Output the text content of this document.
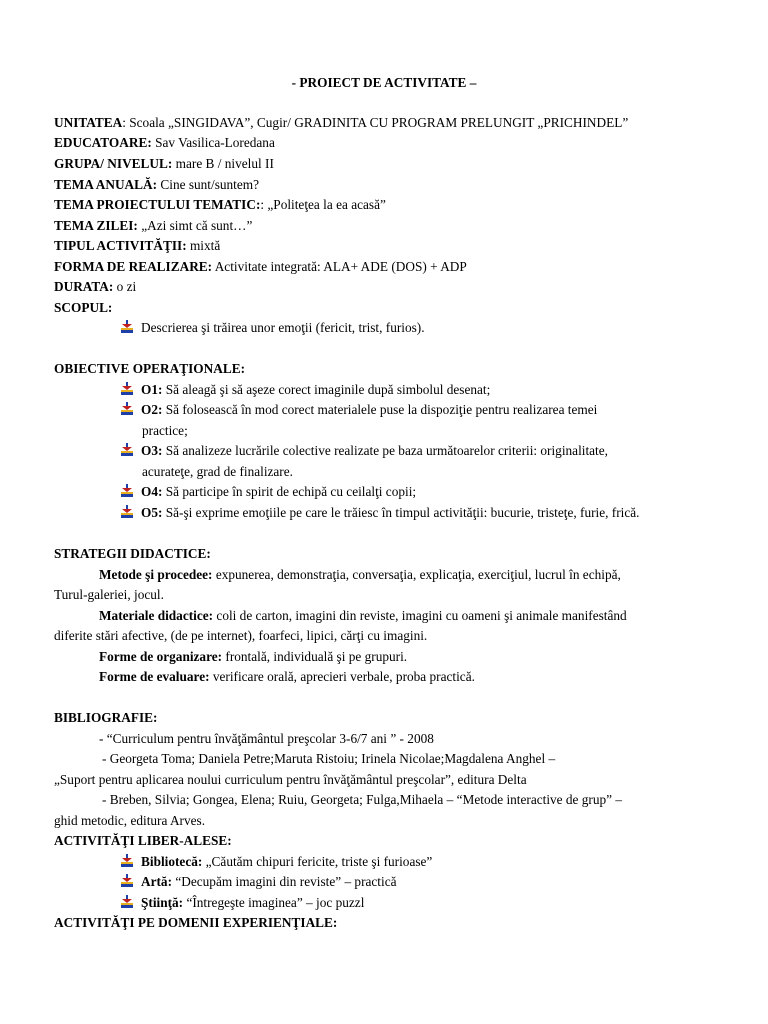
- PROIECT DE ACTIVITATE –
UNITATEA: Scoala „SINGIDAVA”, Cugir/ GRADINITA CU PROGRAM PRELUNGIT „PRICHINDEL”
EDUCATOARE: Sav Vasilica-Loredana
GRUPA/ NIVELUL: mare B / nivelul II
TEMA ANUALĂ: Cine sunt/suntem?
TEMA PROIECTULUI TEMATIC:: „Politeţea la ea acasă”
TEMA ZILEI: „Azi simt că sunt…”
TIPUL ACTIVITĂŢII: mixtă
FORMA DE REALIZARE: Activitate integrată: ALA+ ADE (DOS) + ADP
DURATA: o zi
SCOPUL:
Descrierea şi trăirea unor emoţii (fericit, trist, furios).
OBIECTIVE OPERAŢIONALE:
O1: Să aleagă şi să aşeze corect imaginile după simbolul desenat;
O2: Să folosească în mod corect materialele puse la dispoziţie pentru realizarea temei
practice;
O3: Să analizeze lucrările colective realizate pe baza următoarelor criterii: originalitate,
acurateţe, grad de finalizare.
O4: Să participe în spirit de echipă cu ceilalţi copii;
O5: Să-şi exprime emoţiile pe care le trăiesc în timpul activităţii: bucurie, tristeţe, furie, frică.
STRATEGII DIDACTICE:
Metode şi procedee: expunerea, demonstraţia, conversaţia, explicaţia, exerciţiul, lucrul în echipă,
Turul-galeriei, jocul.
Materiale didactice: coli de carton, imagini din reviste, imagini cu oameni şi animale manifestând
diferite stări afective, (de pe internet), foarfeci, lipici, cărţi cu imagini.
Forme de organizare: frontală, individuală şi pe grupuri.
Forme de evaluare: verificare orală, aprecieri verbale, proba practică.
BIBLIOGRAFIE:
- “Curriculum pentru învăţământul preşcolar 3-6/7 ani ” - 2008
- Georgeta Toma; Daniela Petre;Maruta Ristoiu; Irinela Nicolae;Magdalena Anghel –
„Suport pentru aplicarea noului curriculum pentru învăţământul preşcolar”, editura Delta
- Breben, Silvia; Gongea, Elena; Ruiu, Georgeta; Fulga,Mihaela – “Metode interactive de grup” –
ghid metodic, editura Arves.
ACTIVITĂŢI LIBER-ALESE:
Bibliotecă: „Căutăm chipuri fericite, triste şi furioase”
Artă: “Decupăm imagini din reviste” – practică
Ştiinţă: “Întregeşte imaginea” – joc puzzl
ACTIVITĂŢI PE DOMENII EXPERIENŢIALE:
